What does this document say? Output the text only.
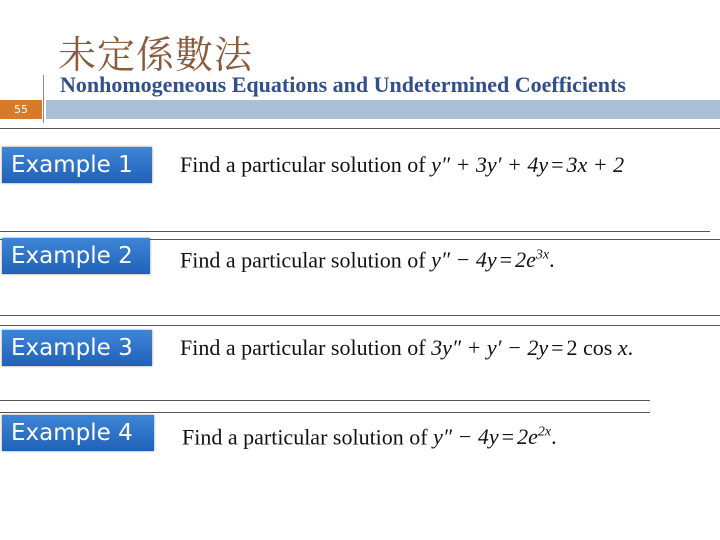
未定係數法
Nonhomogeneous Equations and Undetermined Coefficients
55
Example 1	Find a particular solution of y″ + 3y′ + 4y = 3x + 2
Example 2	Find a particular solution of $y'' - 4y = 2e^{3x}$.
Example 3	Find a particular solution of 3y″ + y′ − 2y = 2 cos x.
Example 4	Find a particular solution of $y'' - 4y = 2e^{2x}$.
